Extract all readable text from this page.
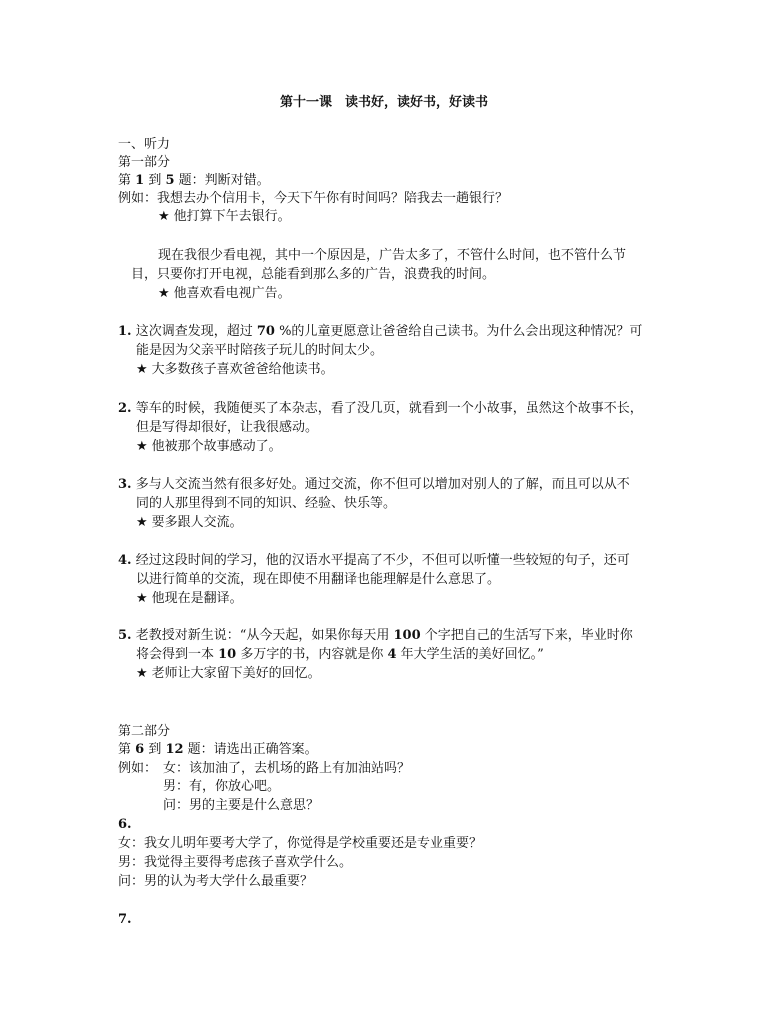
第十一课　读书好，读好书，好读书
一、听力
第一部分
第 1 到 5 题：判断对错。
例如：我想去办个信用卡，今天下午你有时间吗？陪我去一趟银行？
★ 他打算下午去银行。
现在我很少看电视，其中一个原因是，广告太多了，不管什么时间，也不管什么节
目，只要你打开电视，总能看到那么多的广告，浪费我的时间。
★ 他喜欢看电视广告。
1. 这次调查发现，超过 70 %的儿童更愿意让爸爸给自己读书。为什么会出现这种情况？可
能是因为父亲平时陪孩子玩儿的时间太少。
★ 大多数孩子喜欢爸爸给他读书。
2. 等车的时候，我随便买了本杂志，看了没几页，就看到一个小故事，虽然这个故事不长，
但是写得却很好，让我很感动。
★ 他被那个故事感动了。
3. 多与人交流当然有很多好处。通过交流，你不但可以增加对别人的了解，而且可以从不
同的人那里得到不同的知识、经验、快乐等。
★ 要多跟人交流。
4. 经过这段时间的学习，他的汉语水平提高了不少，不但可以听懂一些较短的句子，还可
以进行简单的交流，现在即使不用翻译也能理解是什么意思了。
★ 他现在是翻译。
5. 老教授对新生说：“从今天起，如果你每天用 100 个字把自己的生活写下来，毕业时你
将会得到一本 10 多万字的书，内容就是你 4 年大学生活的美好回忆。”
★ 老师让大家留下美好的回忆。
第二部分
第 6 到 12 题：请选出正确答案。
例如： 女：该加油了，去机场的路上有加油站吗？
男：有，你放心吧。
问：男的主要是什么意思？
6.
女：我女儿明年要考大学了，你觉得是学校重要还是专业重要？
男：我觉得主要得考虑孩子喜欢学什么。
问：男的认为考大学什么最重要？
7.
